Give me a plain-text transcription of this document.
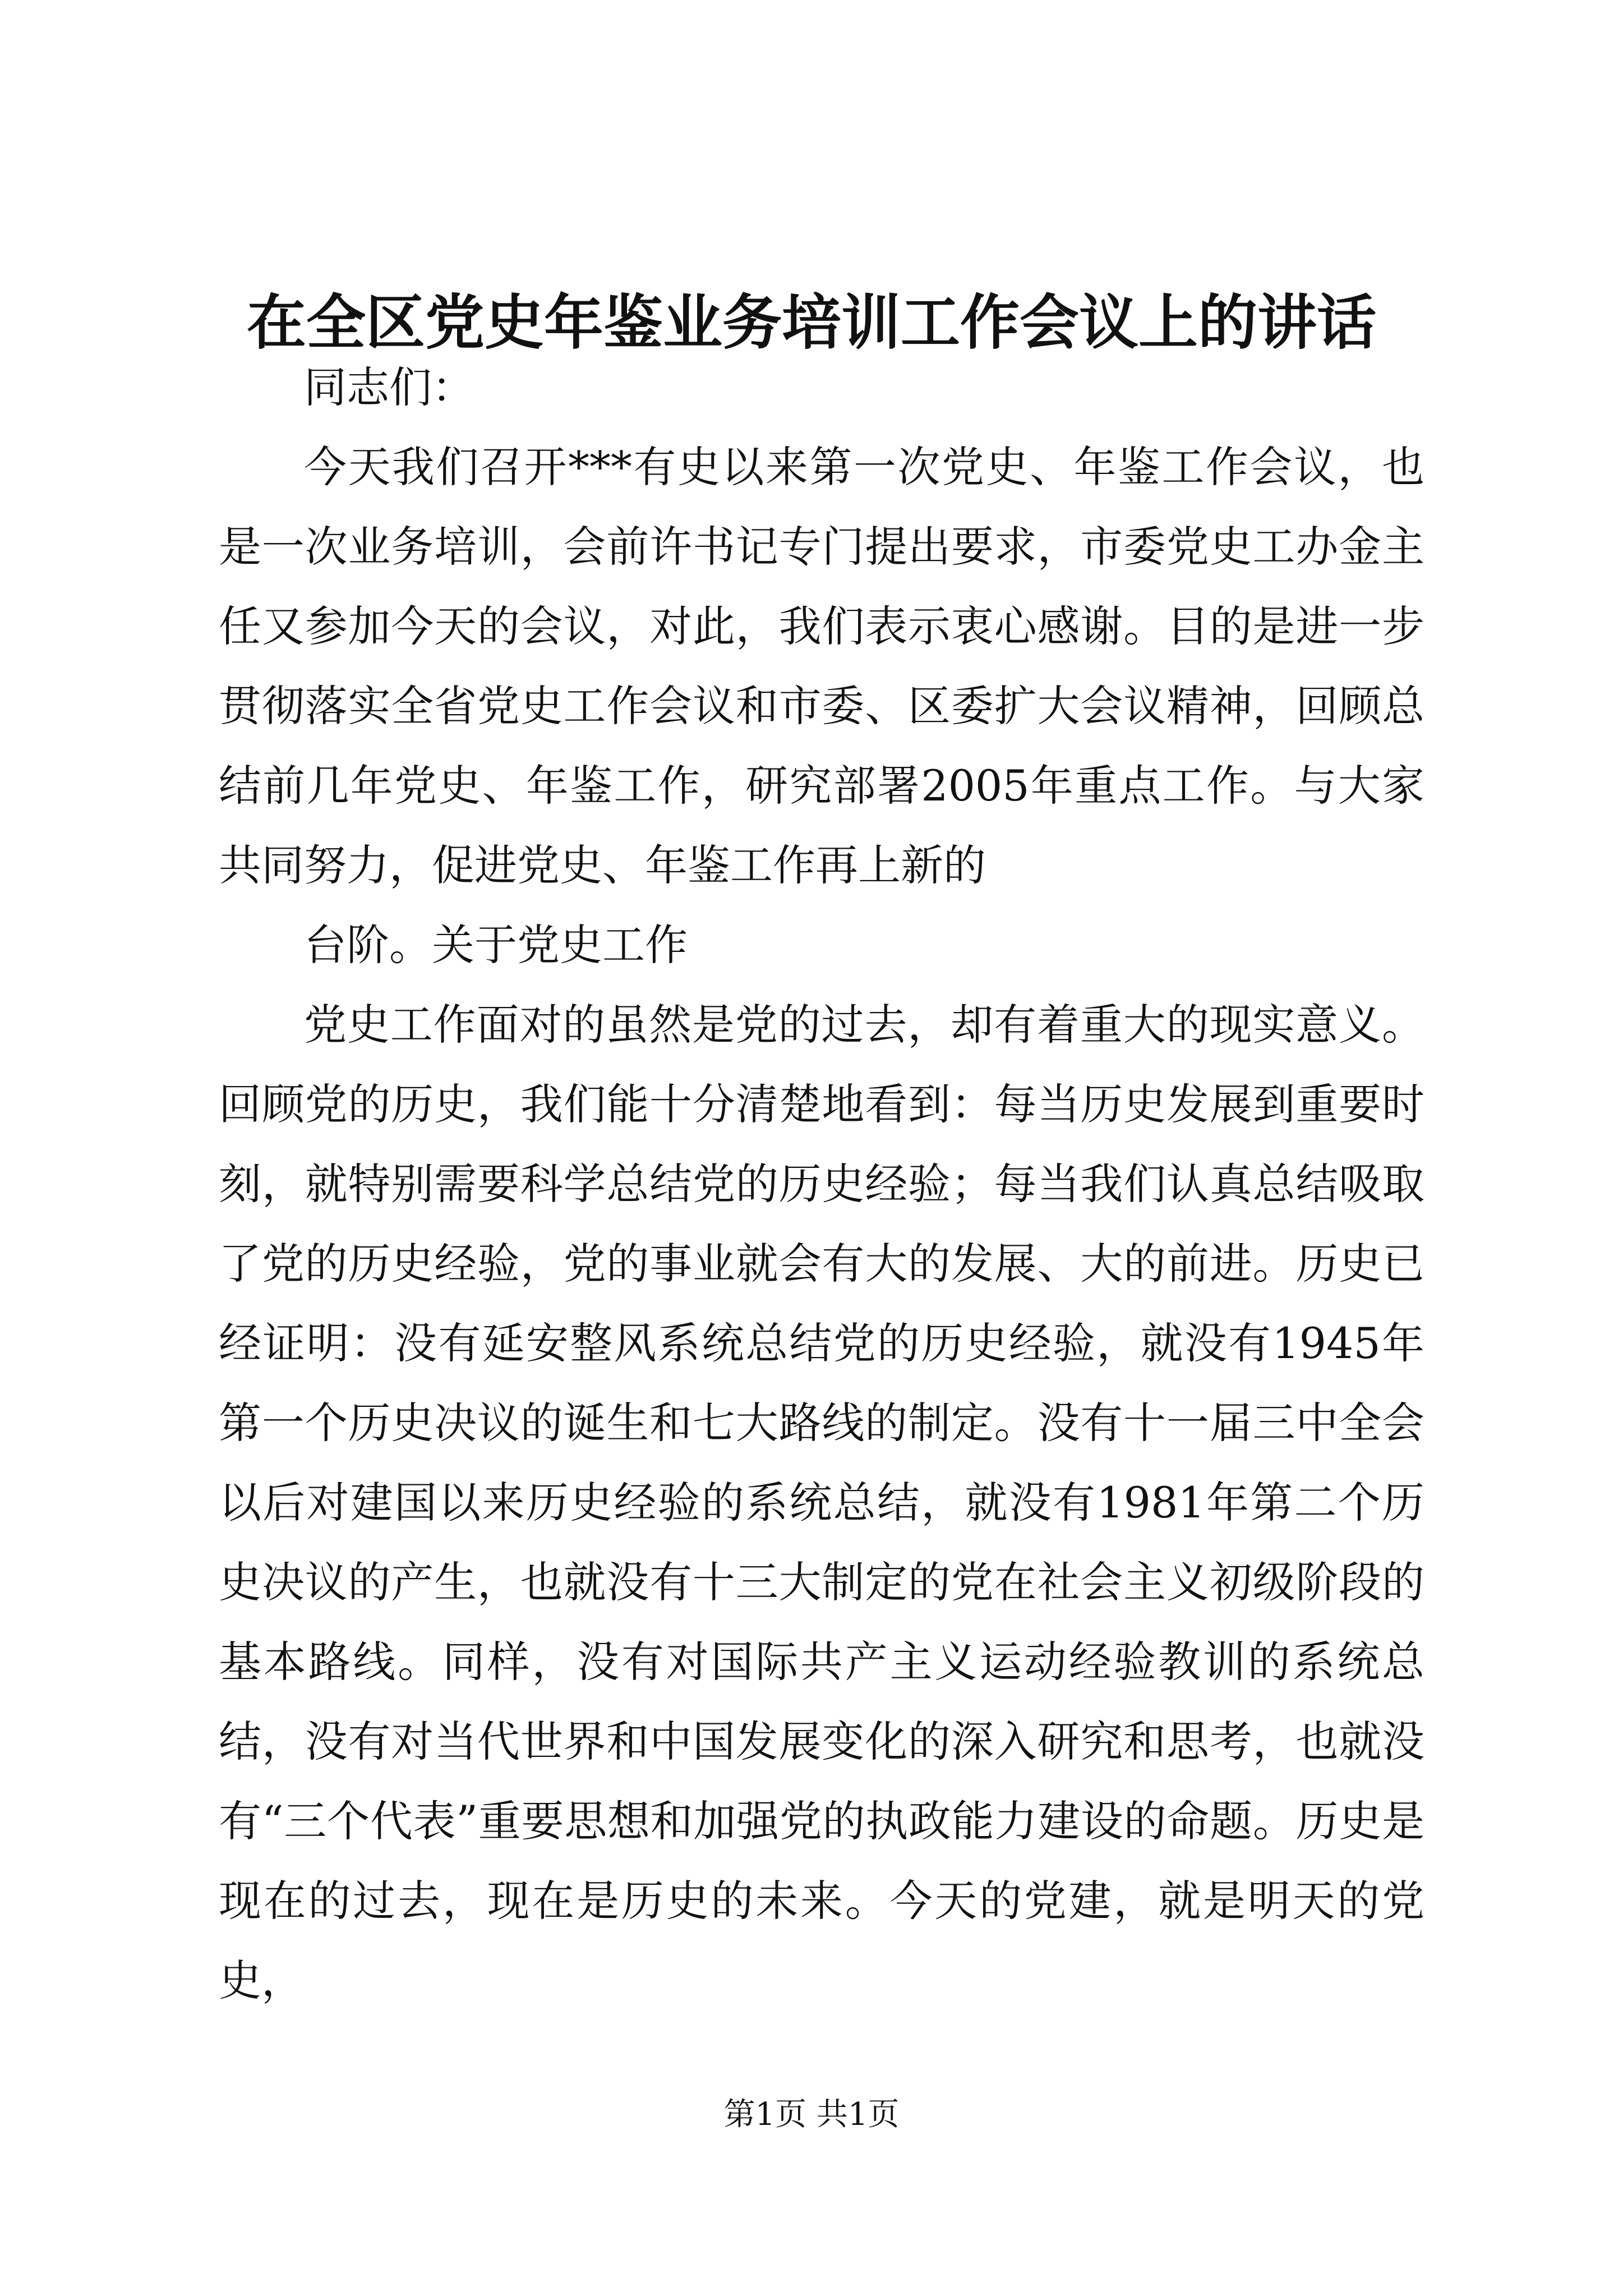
在全区党史年鉴业务培训工作会议上的讲话

同志们：

今天我们召开***有史以来第一次党史、年鉴工作会议，也是一次业务培训，会前许书记专门提出要求，市委党史工办金主任又参加今天的会议，对此，我们表示衷心感谢。目的是进一步贯彻落实全省党史工作会议和市委、区委扩大会议精神，回顾总结前几年党史、年鉴工作，研究部署2005年重点工作。与大家共同努力，促进党史、年鉴工作再上新的

台阶。关于党史工作

党史工作面对的虽然是党的过去，却有着重大的现实意义。回顾党的历史，我们能十分清楚地看到：每当历史发展到重要时刻，就特别需要科学总结党的历史经验；每当我们认真总结吸取了党的历史经验，党的事业就会有大的发展、大的前进。历史已经证明：没有延安整风系统总结党的历史经验，就没有1945年第一个历史决议的诞生和七大路线的制定。没有十一届三中全会以后对建国以来历史经验的系统总结，就没有1981年第二个历史决议的产生，也就没有十三大制定的党在社会主义初级阶段的基本路线。同样，没有对国际共产主义运动经验教训的系统总结，没有对当代世界和中国发展变化的深入研究和思考，也就没有“三个代表”重要思想和加强党的执政能力建设的命题。历史是现在的过去，现在是历史的未来。今天的党建，就是明天的党史，

第1页 共1页
